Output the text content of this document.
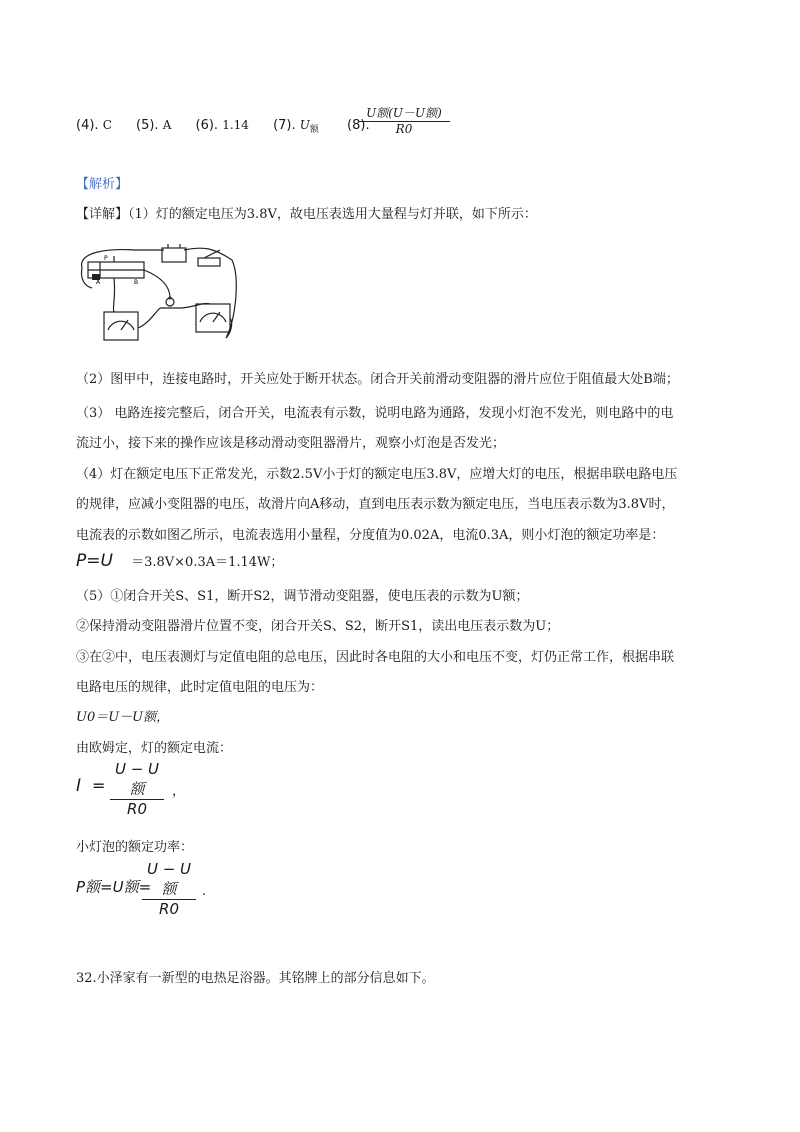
(4). C (5). A (6). 1.14 (7). $U_额$ (8).
U额(U－U额)
R0
【解析】
【详解】（1）灯的额定电压为3.8V，故电压表选用大量程与灯并联，如下所示：
A	B
P
（2）图甲中，连接电路时，开关应处于断开状态。闭合开关前滑动变阻器的滑片应位于阻值最大处B端；
（3） 电路连接完整后，闭合开关，电流表有示数，说明电路为通路，发现小灯泡不发光，则电路中的电
流过小，接下来的操作应该是移动滑动变阻器滑片，观察小灯泡是否发光；
（4）灯在额定电压下正常发光，示数2.5V小于灯的额定电压3.8V，应增大灯的电压，根据串联电路电压
的规律，应减小变阻器的电压，故滑片向A移动，直到电压表示数为额定电压，当电压表示数为3.8V时，
电流表的示数如图乙所示，电流表选用小量程，分度值为0.02A，电流0.3A，则小灯泡的额定功率是：
P=U ＝3.8V×0.3A＝1.14W；
（5）①闭合开关S、S1，断开S2，调节滑动变阻器，使电压表的示数为U额；
②保持滑动变阻器滑片位置不变，闭合开关S、S2，断开S1，读出电压表示数为U；
③在②中，电压表测灯与定值电阻的总电压，因此时各电阻的大小和电压不变，灯仍正常工作，根据串联
电路电压的规律，此时定值电阻的电压为：
U0＝U－U额，
由欧姆定，灯的额定电流：
I =
U − U额
R0
，
小灯泡的额定功率：
P额=U额=
U − U额
R0
.
32.小泽家有一新型的电热足浴器。其铭牌上的部分信息如下。
